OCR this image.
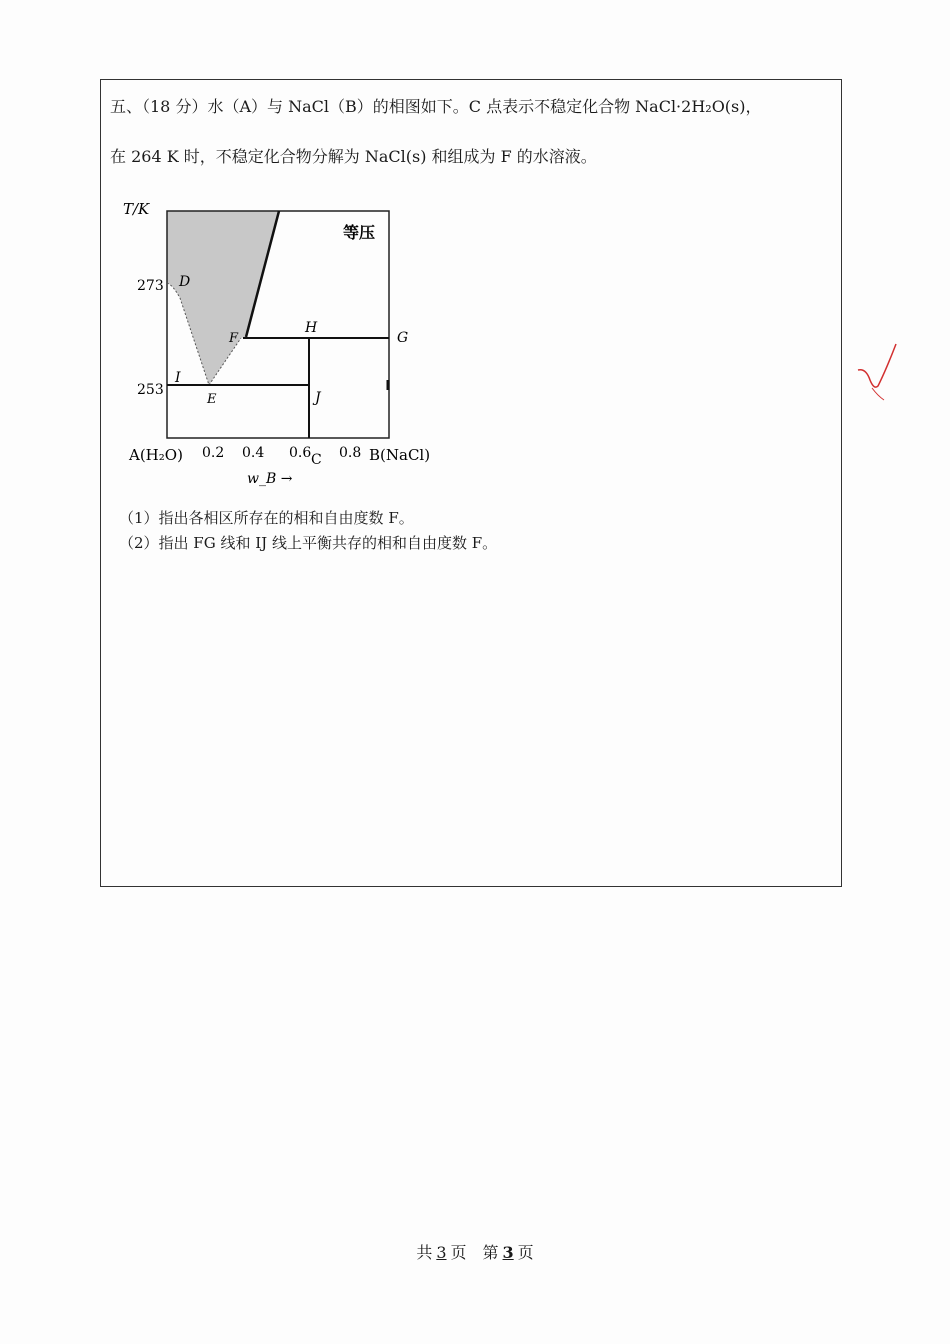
五、（18 分）水（A）与 NaCl（B）的相图如下。C 点表示不稳定化合物 NaCl·2H₂O(s)，
在 264 K 时，不稳定化合物分解为 NaCl(s) 和组成为 F 的水溶液。
T/K
等压
273
253
D
F
H
G
I
E	J
A(H₂O) 0.2 0.4 0.6 C 0.8 B(NaCl)
w_B →
（1）指出各相区所存在的相和自由度数 F。
（2）指出 FG 线和 IJ 线上平衡共存的相和自由度数 F。
共 3 页　第 3 页
